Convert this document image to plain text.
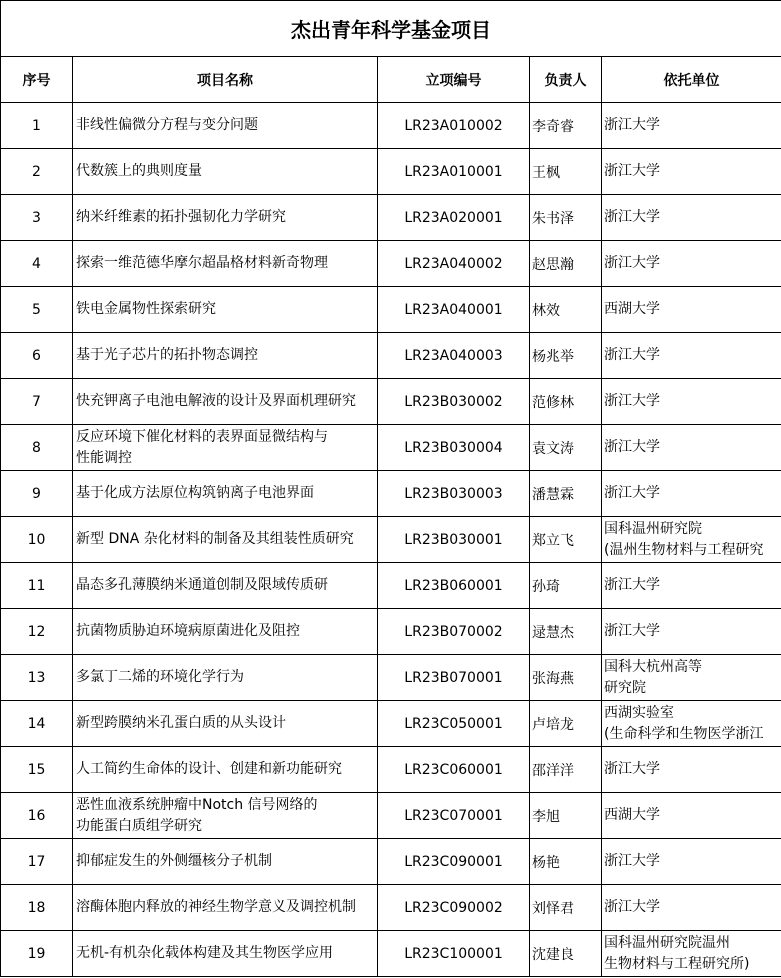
杰出青年科学基金项目				
序号	项目名称	立项编号	负责人	依托单位
1	非线性偏微分方程与变分问题	LR23A010002	李奇睿	浙江大学

2	代数簇上的典则度量	LR23A010001	王枫	浙江大学

3	纳米纤维素的拓扑强韧化力学研究	LR23A020001	朱书泽	浙江大学

4	探索一维范德华摩尔超晶格材料新奇物理	LR23A040002	赵思瀚	浙江大学

5	铁电金属物性探索研究	LR23A040001	林效	西湖大学

6	基于光子芯片的拓扑物态调控	LR23A040003	杨兆举	浙江大学

7	快充钾离子电池电解液的设计及界面机理研究	LR23B030002	范修林	浙江大学

8	反应环境下催化材料的表界面显微结构与
性能调控	LR23B030004	袁文涛	浙江大学

9	基于化成方法原位构筑钠离子电池界面	LR23B030003	潘慧霖	浙江大学

10	新型 DNA 杂化材料的制备及其组装性质研究	LR23B030001	郑立飞	国科温州研究院
(温州生物材料与工程研究

11	晶态多孔薄膜纳米通道创制及限域传质研	LR23B060001	孙琦	浙江大学

12	抗菌物质胁迫环境病原菌进化及阻控	LR23B070002	逯慧杰	浙江大学

13	多氯丁二烯的环境化学行为	LR23B070001	张海燕	国科大杭州高等
研究院

14	新型跨膜纳米孔蛋白质的从头设计	LR23C050001	卢培龙	西湖实验室
(生命科学和生物医学浙江

15	人工简约生命体的设计、创建和新功能研究	LR23C060001	邵洋洋	浙江大学

16	恶性血液系统肿瘤中Notch 信号网络的
功能蛋白质组学研究	LR23C070001	李旭	西湖大学

17	抑郁症发生的外侧缰核分子机制	LR23C090001	杨艳	浙江大学

18	溶酶体胞内释放的神经生物学意义及调控机制	LR23C090002	刘怿君	浙江大学

19	无机-有机杂化载体构建及其生物医学应用	LR23C100001	沈建良	国科温州研究院温州
生物材料与工程研究所)
